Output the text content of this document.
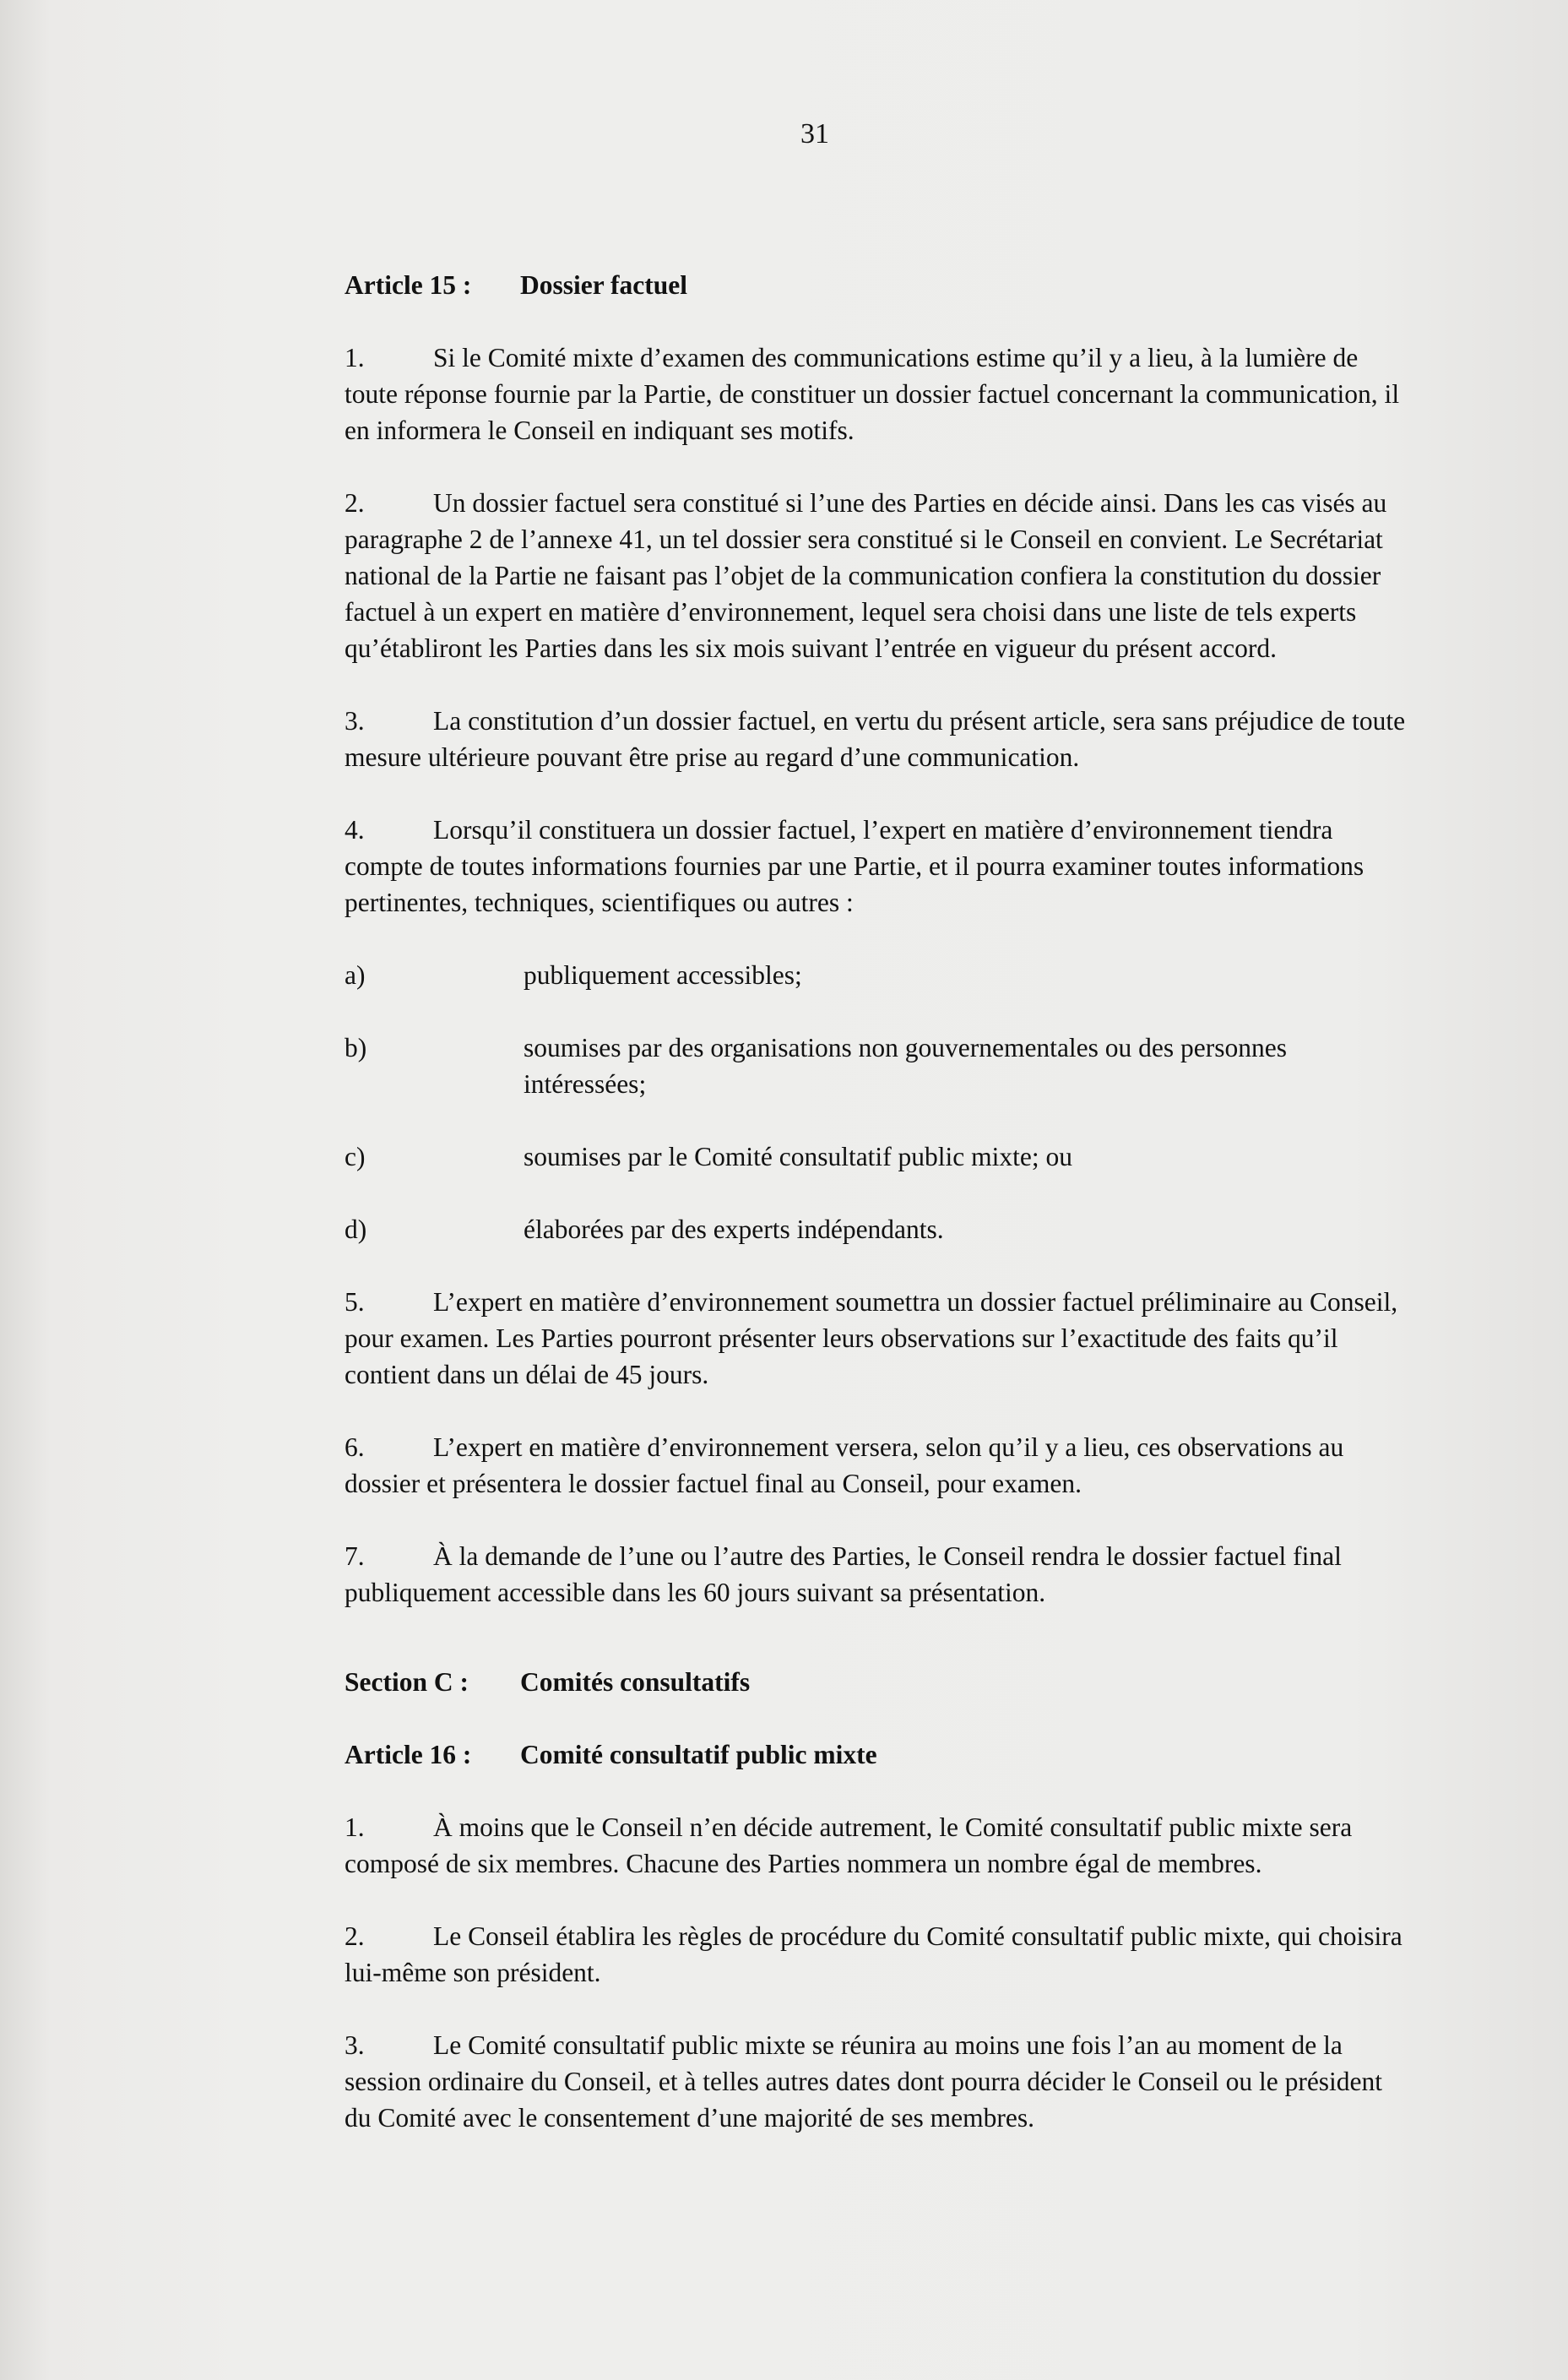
31
Article 15 : Dossier factuel
1.	Si le Comité mixte d’examen des communications estime qu’il y a lieu, à la lumière de toute réponse fournie par la Partie, de constituer un dossier factuel concernant la communication, il en informera le Conseil en indiquant ses motifs.
2.	Un dossier factuel sera constitué si l’une des Parties en décide ainsi. Dans les cas visés au paragraphe 2 de l’annexe 41, un tel dossier sera constitué si le Conseil en convient. Le Secrétariat national de la Partie ne faisant pas l’objet de la communication confiera la constitution du dossier factuel à un expert en matière d’environnement, lequel sera choisi dans une liste de tels experts qu’établiront les Parties dans les six mois suivant l’entrée en vigueur du présent accord.
3.	La constitution d’un dossier factuel, en vertu du présent article, sera sans préjudice de toute mesure ultérieure pouvant être prise au regard d’une communication.
4.	Lorsqu’il constituera un dossier factuel, l’expert en matière d’environnement tiendra compte de toutes informations fournies par une Partie, et il pourra examiner toutes informations pertinentes, techniques, scientifiques ou autres :
a)	publiquement accessibles;
b)	soumises par des organisations non gouvernementales ou des personnes intéressées;
c)	soumises par le Comité consultatif public mixte; ou
d)	élaborées par des experts indépendants.
5.	L’expert en matière d’environnement soumettra un dossier factuel préliminaire au Conseil, pour examen. Les Parties pourront présenter leurs observations sur l’exactitude des faits qu’il contient dans un délai de 45 jours.
6.	L’expert en matière d’environnement versera, selon qu’il y a lieu, ces observations au dossier et présentera le dossier factuel final au Conseil, pour examen.
7.	À la demande de l’une ou l’autre des Parties, le Conseil rendra le dossier factuel final publiquement accessible dans les 60 jours suivant sa présentation.
Section C : Comités consultatifs
Article 16 : Comité consultatif public mixte
1.	À moins que le Conseil n’en décide autrement, le Comité consultatif public mixte sera composé de six membres. Chacune des Parties nommera un nombre égal de membres.
2.	Le Conseil établira les règles de procédure du Comité consultatif public mixte, qui choisira lui-même son président.
3.	Le Comité consultatif public mixte se réunira au moins une fois l’an au moment de la session ordinaire du Conseil, et à telles autres dates dont pourra décider le Conseil ou le président du Comité avec le consentement d’une majorité de ses membres.
